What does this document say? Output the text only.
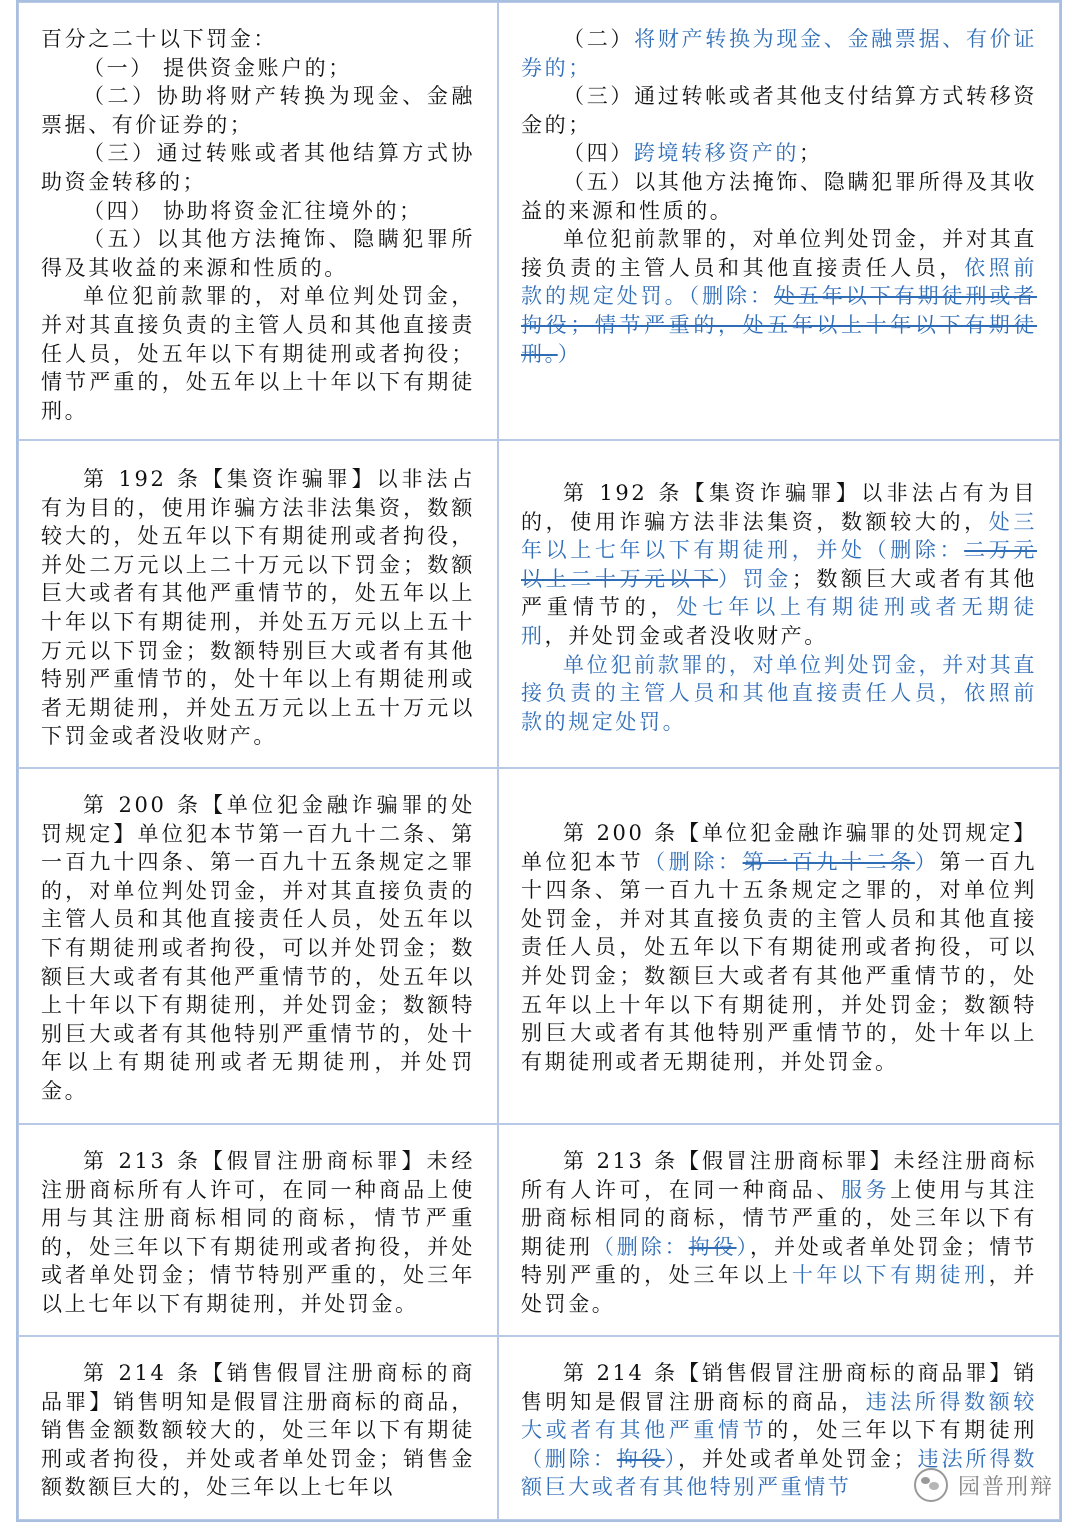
百分之二十以下罚金：

（一） 提供资金账户的；

（二）协助将财产转换为现金、金融票据、有价证券的；

（三）通过转账或者其他结算方式协助资金转移的；

（四） 协助将资金汇往境外的；

（五）以其他方法掩饰、隐瞒犯罪所得及其收益的来源和性质的。

单位犯前款罪的，对单位判处罚金，并对其直接负责的主管人员和其他直接责任人员，处五年以下有期徒刑或者拘役；情节严重的，处五年以上十年以下有期徒刑。

（二）将财产转换为现金、金融票据、有价证券的；

（三）通过转帐或者其他支付结算方式转移资金的；

（四）跨境转移资产的；

（五）以其他方法掩饰、隐瞒犯罪所得及其收益的来源和性质的。

单位犯前款罪的，对单位判处罚金，并对其直接负责的主管人员和其他直接责任人员，依照前款的规定处罚。（删除：处五年以下有期徒刑或者拘役；情节严重的，处五年以上十年以下有期徒刑。）

第 192 条【集资诈骗罪】以非法占有为目的，使用诈骗方法非法集资，数额较大的，处五年以下有期徒刑或者拘役，并处二万元以上二十万元以下罚金；数额巨大或者有其他严重情节的，处五年以上十年以下有期徒刑，并处五万元以上五十万元以下罚金；数额特别巨大或者有其他特别严重情节的，处十年以上有期徒刑或者无期徒刑，并处五万元以上五十万元以下罚金或者没收财产。

第 192 条【集资诈骗罪】以非法占有为目的，使用诈骗方法非法集资，数额较大的，处三年以上七年以下有期徒刑，并处（删除：二万元以上二十万元以下）罚金；数额巨大或者有其他严重情节的，处七年以上有期徒刑或者无期徒刑，并处罚金或者没收财产。

单位犯前款罪的，对单位判处罚金，并对其直接负责的主管人员和其他直接责任人员，依照前款的规定处罚。

第 200 条【单位犯金融诈骗罪的处罚规定】单位犯本节第一百九十二条、第一百九十四条、第一百九十五条规定之罪的，对单位判处罚金，并对其直接负责的主管人员和其他直接责任人员，处五年以下有期徒刑或者拘役，可以并处罚金；数额巨大或者有其他严重情节的，处五年以上十年以下有期徒刑，并处罚金；数额特别巨大或者有其他特别严重情节的，处十年以上有期徒刑或者无期徒刑，并处罚金。

第 200 条【单位犯金融诈骗罪的处罚规定】单位犯本节（删除：第一百九十二条）第一百九十四条、第一百九十五条规定之罪的，对单位判处罚金，并对其直接负责的主管人员和其他直接责任人员，处五年以下有期徒刑或者拘役，可以并处罚金；数额巨大或者有其他严重情节的，处五年以上十年以下有期徒刑，并处罚金；数额特别巨大或者有其他特别严重情节的，处十年以上有期徒刑或者无期徒刑，并处罚金。

第 213 条【假冒注册商标罪】未经注册商标所有人许可，在同一种商品上使用与其注册商标相同的商标，情节严重的，处三年以下有期徒刑或者拘役，并处或者单处罚金；情节特别严重的，处三年以上七年以下有期徒刑，并处罚金。

第 213 条【假冒注册商标罪】未经注册商标所有人许可，在同一种商品、服务上使用与其注册商标相同的商标，情节严重的，处三年以下有期徒刑（删除：拘役），并处或者单处罚金；情节特别严重的，处三年以上十年以下有期徒刑，并处罚金。

第 214 条【销售假冒注册商标的商品罪】销售明知是假冒注册商标的商品，销售金额数额较大的，处三年以下有期徒刑或者拘役，并处或者单处罚金；销售金额数额巨大的，处三年以上七年以

第 214 条【销售假冒注册商标的商品罪】销售明知是假冒注册商标的商品，违法所得数额较大或者有其他严重情节的，处三年以下有期徒刑（删除：拘役），并处或者单处罚金；违法所得数额巨大或者有其他特别严重情节	园普刑辩
